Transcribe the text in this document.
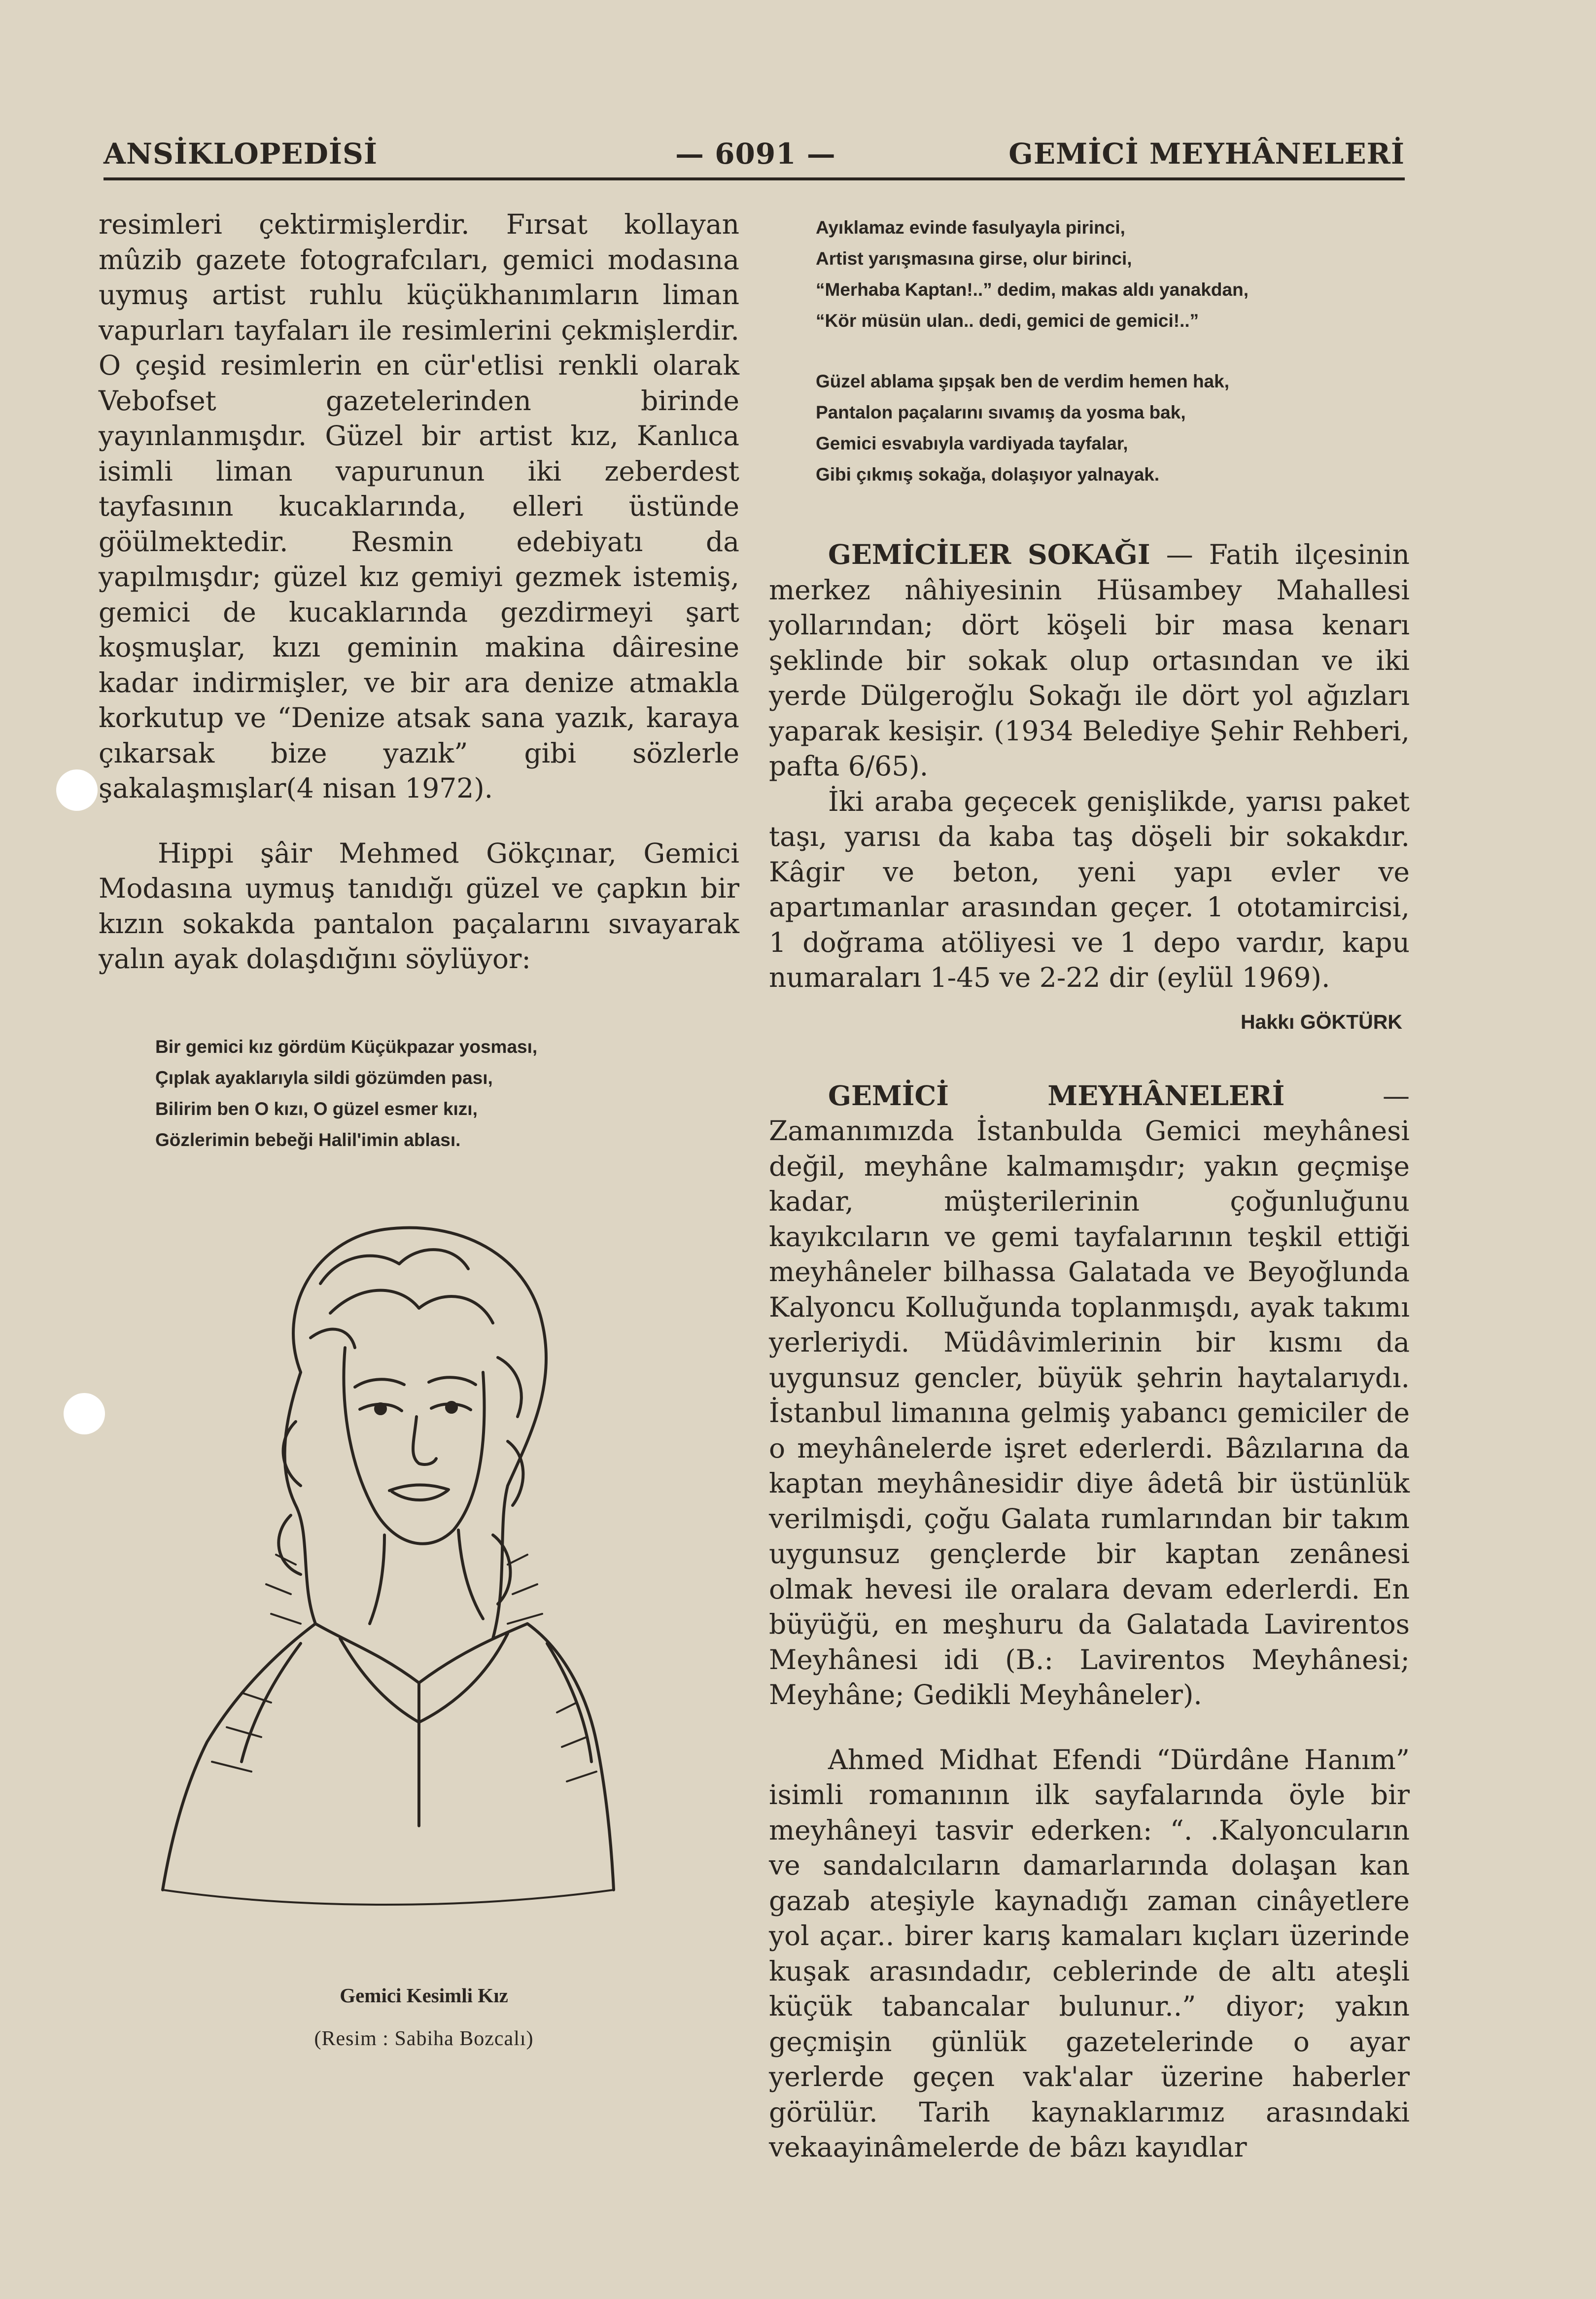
ANSİKLOPEDİSİ	— 6091 —	GEMİCİ MEYHÂNELERİ

resimleri çektirmişlerdir. Fırsat kollayan mûzib gazete fotografcıları, gemici modasına uymuş artist ruhlu küçükhanımların liman vapurları tayfaları ile resimlerini çekmişlerdir. O çeşid resimlerin en cür'etlisi renkli olarak Vebofset gazetelerinden birinde yayınlanmışdır. Güzel bir artist kız, Kanlıca isimli liman vapurunun iki zeberdest tayfasının kucaklarında, elleri üstünde göülmektedir. Resmin edebiyatı da yapılmışdır; güzel kız gemiyi gezmek istemiş, gemici de kucaklarında gezdirmeyi şart koşmuşlar, kızı geminin makina dâiresine kadar indirmişler, ve bir ara denize atmakla korkutup ve “Denize atsak sana yazık, karaya çıkarsak bize yazık” gibi sözlerle şakalaşmışlar(4 nisan 1972).

Hippi şâir Mehmed Gökçınar, Gemici Modasına uymuş tanıdığı güzel ve çapkın bir kızın sokakda pantalon paçalarını sıvayarak yalın ayak dolaşdığını söylüyor:

Bir gemici kız gördüm Küçükpazar yosması,
Çıplak ayaklarıyla sildi gözümden pası,
Bilirim ben O kızı, O güzel esmer kızı,
Gözlerimin bebeği Halil'imin ablası.

Gemici Kesimli Kız

(Resim : Sabiha Bozcalı)

Ayıklamaz evinde fasulyayla pirinci,
Artist yarışmasına girse, olur birinci,
“Merhaba Kaptan!..” dedim, makas aldı yanakdan,
“Kör müsün ulan.. dedi, gemici de gemici!..”
Güzel ablama şıpşak ben de verdim hemen hak,
Pantalon paçalarını sıvamış da yosma bak,
Gemici esvabıyla vardiyada tayfalar,
Gibi çıkmış sokağa, dolaşıyor yalnayak.

GEMİCİLER SOKAĞI — Fatih ilçesinin merkez nâhiyesinin Hüsambey Mahallesi yollarından; dört köşeli bir masa kenarı şeklinde bir sokak olup ortasından ve iki yerde Dülgeroğlu Sokağı ile dört yol ağızları yaparak kesişir. (1934 Belediye Şehir Rehberi, pafta 6/65).

İki araba geçecek genişlikde, yarısı paket taşı, yarısı da kaba taş döşeli bir sokakdır. Kâgir ve beton, yeni yapı evler ve apartımanlar arasından geçer. 1 ototamircisi, 1 doğrama atöliyesi ve 1 depo vardır, kapu numaraları 1-45 ve 2-22 dir (eylül 1969).

Hakkı GÖKTÜRK

GEMİCİ MEYHÂNELERİ — Zamanımızda İstanbulda Gemici meyhânesi değil, meyhâne kalmamışdır; yakın geçmişe kadar, müşterilerinin çoğunluğunu kayıkcıların ve gemi tayfalarının teşkil ettiği meyhâneler bilhassa Galatada ve Beyoğlunda Kalyoncu Kolluğunda toplanmışdı, ayak takımı yerleriydi. Müdâvimlerinin bir kısmı da uygunsuz gencler, büyük şehrin haytalarıydı. İstanbul limanına gelmiş yabancı gemiciler de o meyhânelerde işret ederlerdi. Bâzılarına da kaptan meyhânesidir diye âdetâ bir üstünlük verilmişdi, çoğu Galata rumlarından bir takım uygunsuz gençlerde bir kaptan zenânesi olmak hevesi ile oralara devam ederlerdi. En büyüğü, en meşhuru da Galatada Lavirentos Meyhânesi idi (B.: Lavirentos Meyhânesi; Meyhâne; Gedikli Meyhâneler).

Ahmed Midhat Efendi “Dürdâne Hanım” isimli romanının ilk sayfalarında öyle bir meyhâneyi tasvir ederken: “. .Kalyoncuların ve sandalcıların damarlarında dolaşan kan gazab ateşiyle kaynadığı zaman cinâyetlere yol açar.. birer karış kamaları kıçları üzerinde kuşak arasındadır, ceblerinde de altı ateşli küçük tabancalar bulunur..” diyor; yakın geçmişin günlük gazetelerinde o ayar yerlerde geçen vak'alar üzerine haberler görülür. Tarih kaynaklarımız arasındaki vekaayinâmelerde de bâzı kayıdlar
